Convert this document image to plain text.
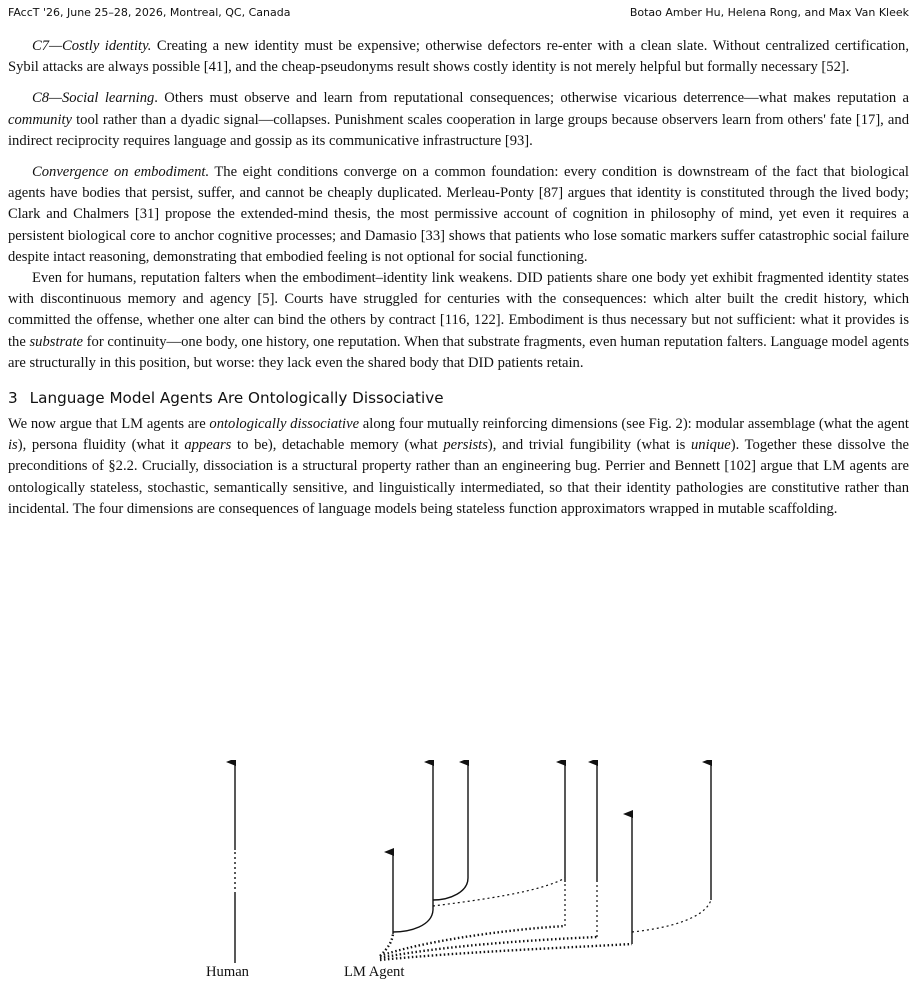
FAccT '26, June 25–28, 2026, Montreal, QC, Canada	Botao Amber Hu, Helena Rong, and Max Van Kleek

C7—Costly identity. Creating a new identity must be expensive; otherwise defectors re-enter with a clean slate. Without centralized certification, Sybil attacks are always possible [41], and the cheap-pseudonyms result shows costly identity is not merely helpful but formally necessary [52].

C8—Social learning. Others must observe and learn from reputational consequences; otherwise vicarious deterrence—what makes reputation a community tool rather than a dyadic signal—collapses. Punishment scales cooperation in large groups because observers learn from others' fate [17], and indirect reciprocity requires language and gossip as its communicative infrastructure [93].

Convergence on embodiment. The eight conditions converge on a common foundation: every condition is downstream of the fact that biological agents have bodies that persist, suffer, and cannot be cheaply duplicated. Merleau-Ponty [87] argues that identity is constituted through the lived body; Clark and Chalmers [31] propose the extended-mind thesis, the most permissive account of cognition in philosophy of mind, yet even it requires a persistent biological core to anchor cognitive processes; and Damasio [33] shows that patients who lose somatic markers suffer catastrophic social failure despite intact reasoning, demonstrating that embodied feeling is not optional for social functioning.

Even for humans, reputation falters when the embodiment–identity link weakens. DID patients share one body yet exhibit fragmented identity states with discontinuous memory and agency [5]. Courts have struggled for centuries with the consequences: which alter built the credit history, which committed the offense, whether one alter can bind the others by contract [116, 122]. Embodiment is thus necessary but not sufficient: what it provides is the substrate for continuity—one body, one history, one reputation. When that substrate fragments, even human reputation falters. Language model agents are structurally in this position, but worse: they lack even the shared body that DID patients retain.

3 Language Model Agents Are Ontologically Dissociative

We now argue that LM agents are ontologically dissociative along four mutually reinforcing dimensions (see Fig. 2): modular assemblage (what the agent is), persona fluidity (what it appears to be), detachable memory (what persists), and trivial fungibility (what is unique). Together these dissolve the preconditions of §2.2. Crucially, dissociation is a structural property rather than an engineering bug. Perrier and Bennett [102] argue that LM agents are ontologically stateless, stochastic, semantically sensitive, and linguistically intermediated, so that their identity pathologies are constitutive rather than incidental. The four dimensions are consequences of language models being stateless function approximators wrapped in mutable scaffolding.

Human	LM Agent
